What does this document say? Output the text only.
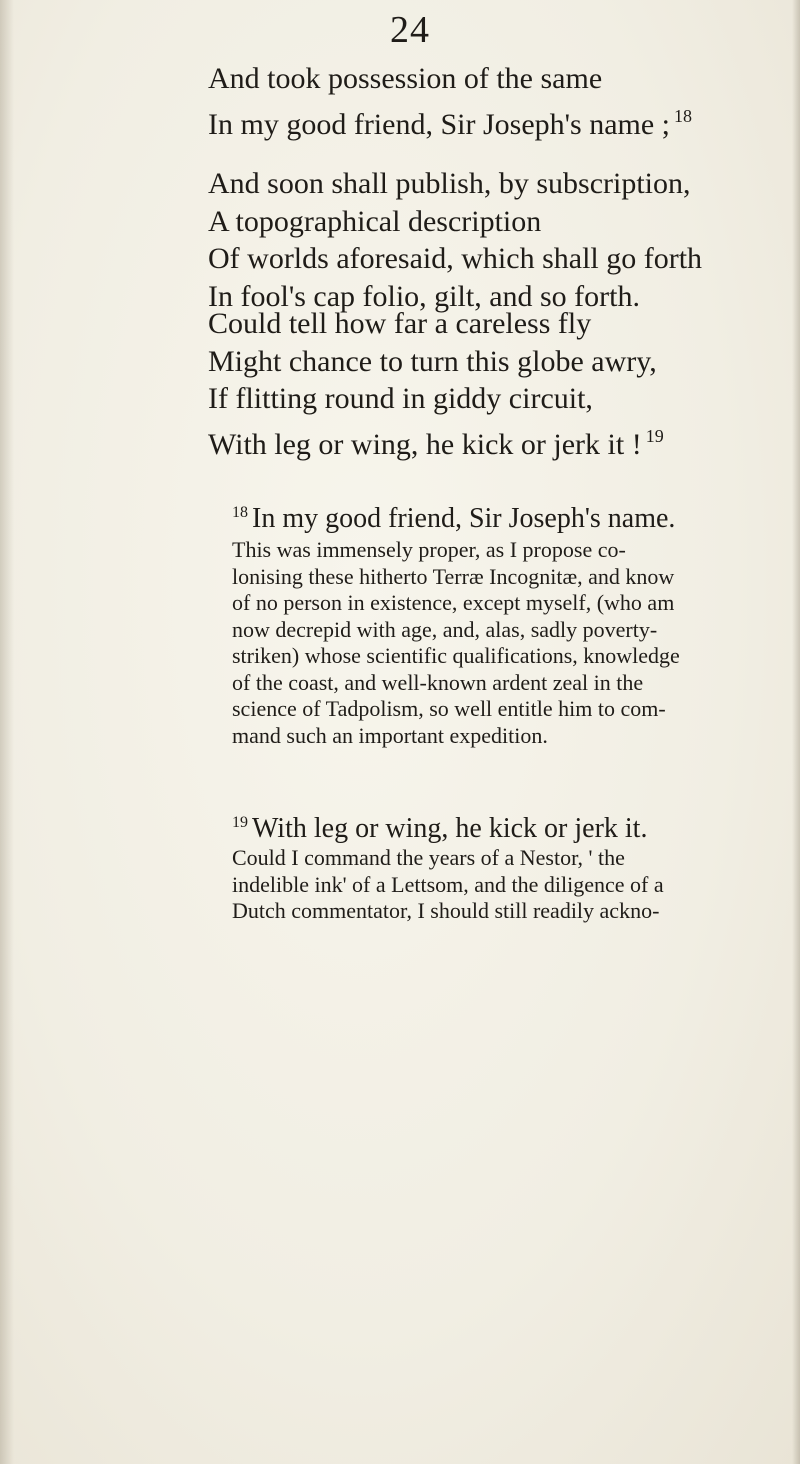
24
And took possession of the same
In my good friend, Sir Joseph's name ; $^{18}$
And soon shall publish, by subscription,
A topographical description
Of worlds aforesaid, which shall go forth
In fool's cap folio, gilt, and so forth.
Could tell how far a careless fly
Might chance to turn this globe awry,
If flitting round in giddy circuit,
With leg or wing, he kick or jerk it ! $^{19}$
$^{18}$ In my good friend, Sir Joseph's name.
This was immensely proper, as I propose co-
lonising these hitherto Terræ Incognitæ, and know
of no person in existence, except myself, (who am
now decrepid with age, and, alas, sadly poverty-
striken) whose scientific qualifications, knowledge
of the coast, and well-known ardent zeal in the
science of Tadpolism, so well entitle him to com-
mand such an important expedition.
$^{19}$ With leg or wing, he kick or jerk it.
Could I command the years of a Nestor, ' the
indelible ink' of a Lettsom, and the diligence of a
Dutch commentator, I should still readily ackno-
